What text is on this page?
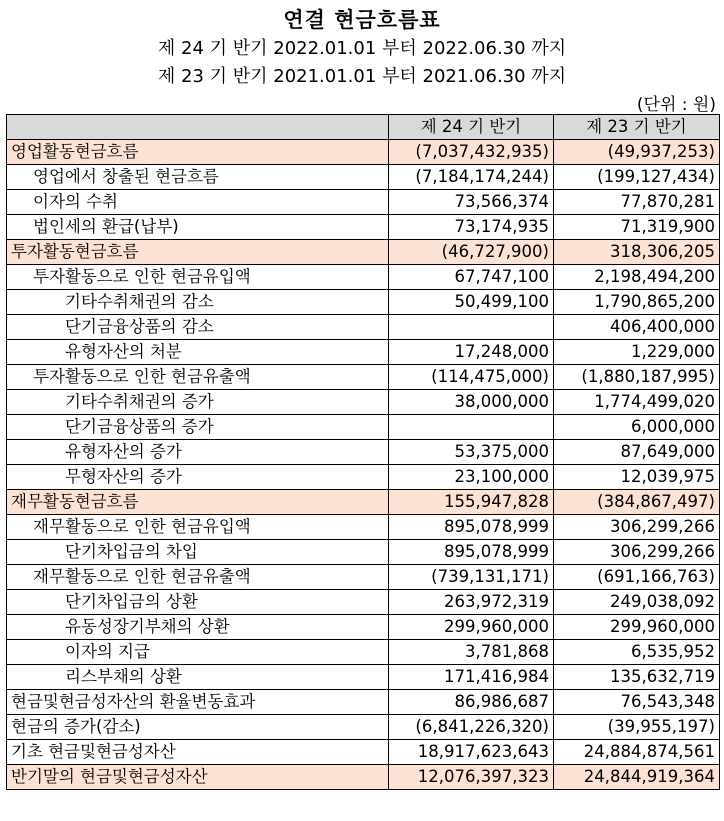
연결 현금흐름표
제 24 기 반기 2022.01.01 부터 2022.06.30 까지
제 23 기 반기 2021.01.01 부터 2021.06.30 까지
(단위 : 원)
	제 24 기 반기	제 23 기 반기
영업활동현금흐름	(7,037,432,935)	(49,937,253)
영업에서 창출된 현금흐름	(7,184,174,244)	(199,127,434)
이자의 수취	73,566,374	77,870,281
법인세의 환급(납부)	73,174,935	71,319,900
투자활동현금흐름	(46,727,900)	318,306,205
투자활동으로 인한 현금유입액	67,747,100	2,198,494,200
기타수취채권의 감소	50,499,100	1,790,865,200
단기금융상품의 감소		406,400,000
유형자산의 처분	17,248,000	1,229,000
투자활동으로 인한 현금유출액	(114,475,000)	(1,880,187,995)
기타수취채권의 증가	38,000,000	1,774,499,020
단기금융상품의 증가		6,000,000
유형자산의 증가	53,375,000	87,649,000
무형자산의 증가	23,100,000	12,039,975
재무활동현금흐름	155,947,828	(384,867,497)
재무활동으로 인한 현금유입액	895,078,999	306,299,266
단기차입금의 차입	895,078,999	306,299,266
재무활동으로 인한 현금유출액	(739,131,171)	(691,166,763)
단기차입금의 상환	263,972,319	249,038,092
유동성장기부채의 상환	299,960,000	299,960,000
이자의 지급	3,781,868	6,535,952
리스부채의 상환	171,416,984	135,632,719
현금및현금성자산의 환율변동효과	86,986,687	76,543,348
현금의 증가(감소)	(6,841,226,320)	(39,955,197)
기초 현금및현금성자산	18,917,623,643	24,884,874,561
반기말의 현금및현금성자산	12,076,397,323	24,844,919,364
